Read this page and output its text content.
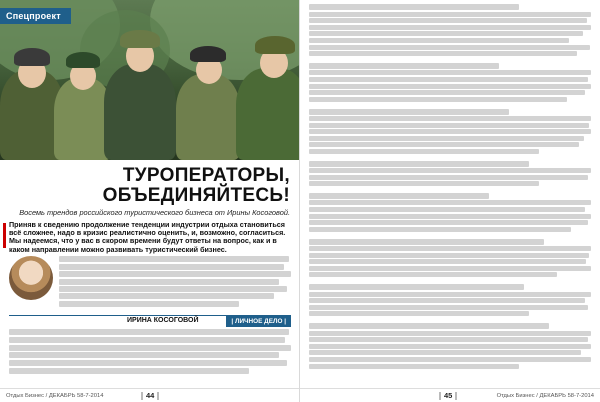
Спецпроект
ТУРОПЕРАТОРЫ,
ОБЪЕДИНЯЙТЕСЬ!
Восемь трендов российского туристического бизнеса от Ирины Косоговой.
Приняв к сведению продолжение тенденции индустрии отдыха становиться всё сложнее, надо в кризис реалистично оценить, и, возможно, согласиться. Мы надеемся, что у вас в скором времени будут ответы на вопрос, как и в каком направлении можно развивать туристический бизнес.

ИРИНА КОСОГОВОЙ	| ЛИЧНОЕ ДЕЛО |

Отдых Бизнес / ДЕКАБРЬ 58-7-2014	44	45	Отдых Бизнес / ДЕКАБРЬ 58-7-2014
